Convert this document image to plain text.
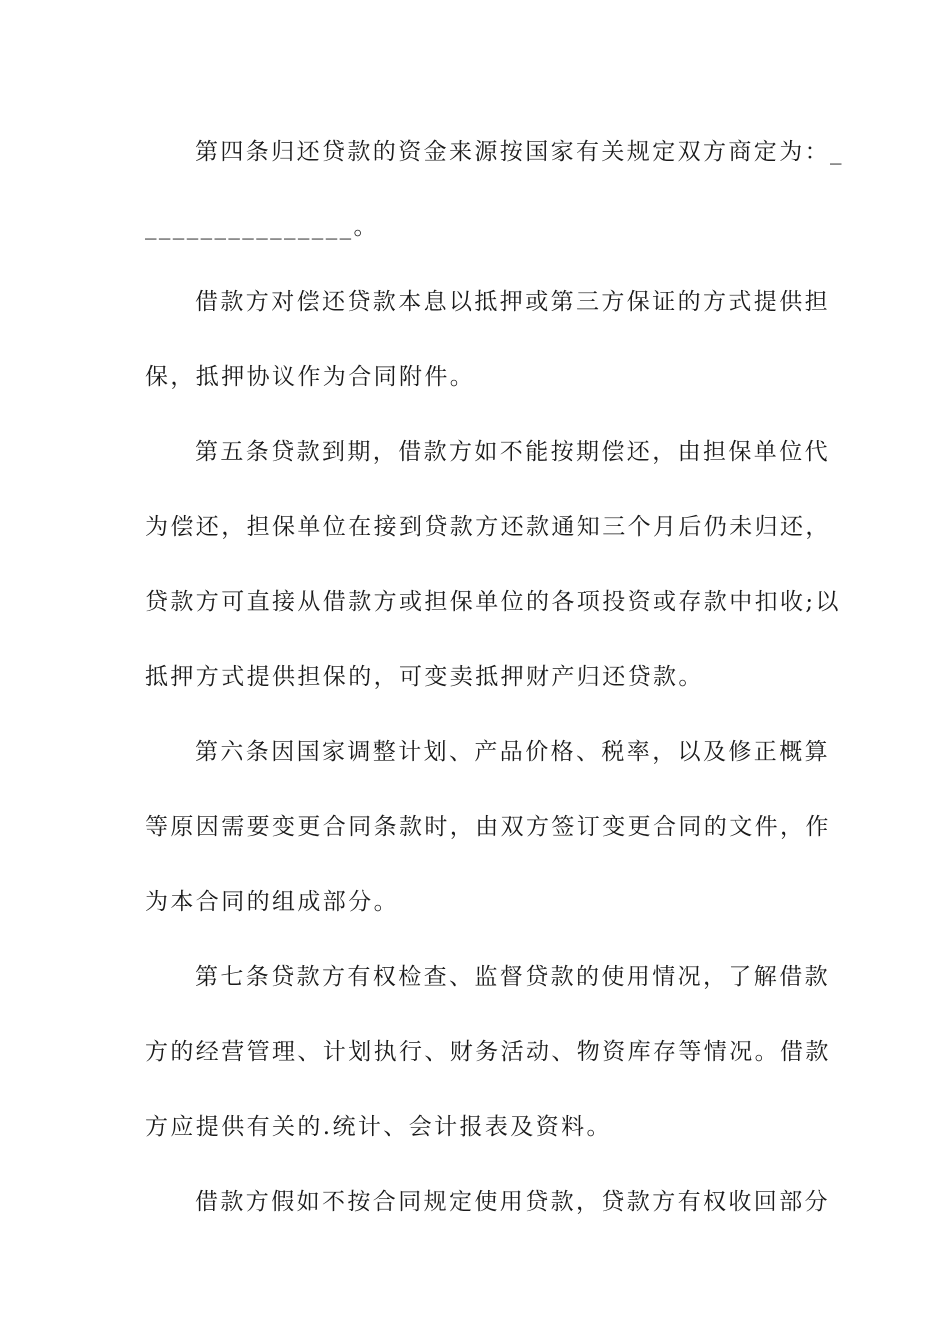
第四条归还贷款的资金来源按国家有关规定双方商定为：_
_______________。
借款方对偿还贷款本息以抵押或第三方保证的方式提供担
保，抵押协议作为合同附件。
第五条贷款到期，借款方如不能按期偿还，由担保单位代
为偿还，担保单位在接到贷款方还款通知三个月后仍未归还，
贷款方可直接从借款方或担保单位的各项投资或存款中扣收;以
抵押方式提供担保的，可变卖抵押财产归还贷款。
第六条因国家调整计划、产品价格、税率，以及修正概算
等原因需要变更合同条款时，由双方签订变更合同的文件，作
为本合同的组成部分。
第七条贷款方有权检查、监督贷款的使用情况，了解借款
方的经营管理、计划执行、财务活动、物资库存等情况。借款
方应提供有关的.统计、会计报表及资料。
借款方假如不按合同规定使用贷款，贷款方有权收回部分
